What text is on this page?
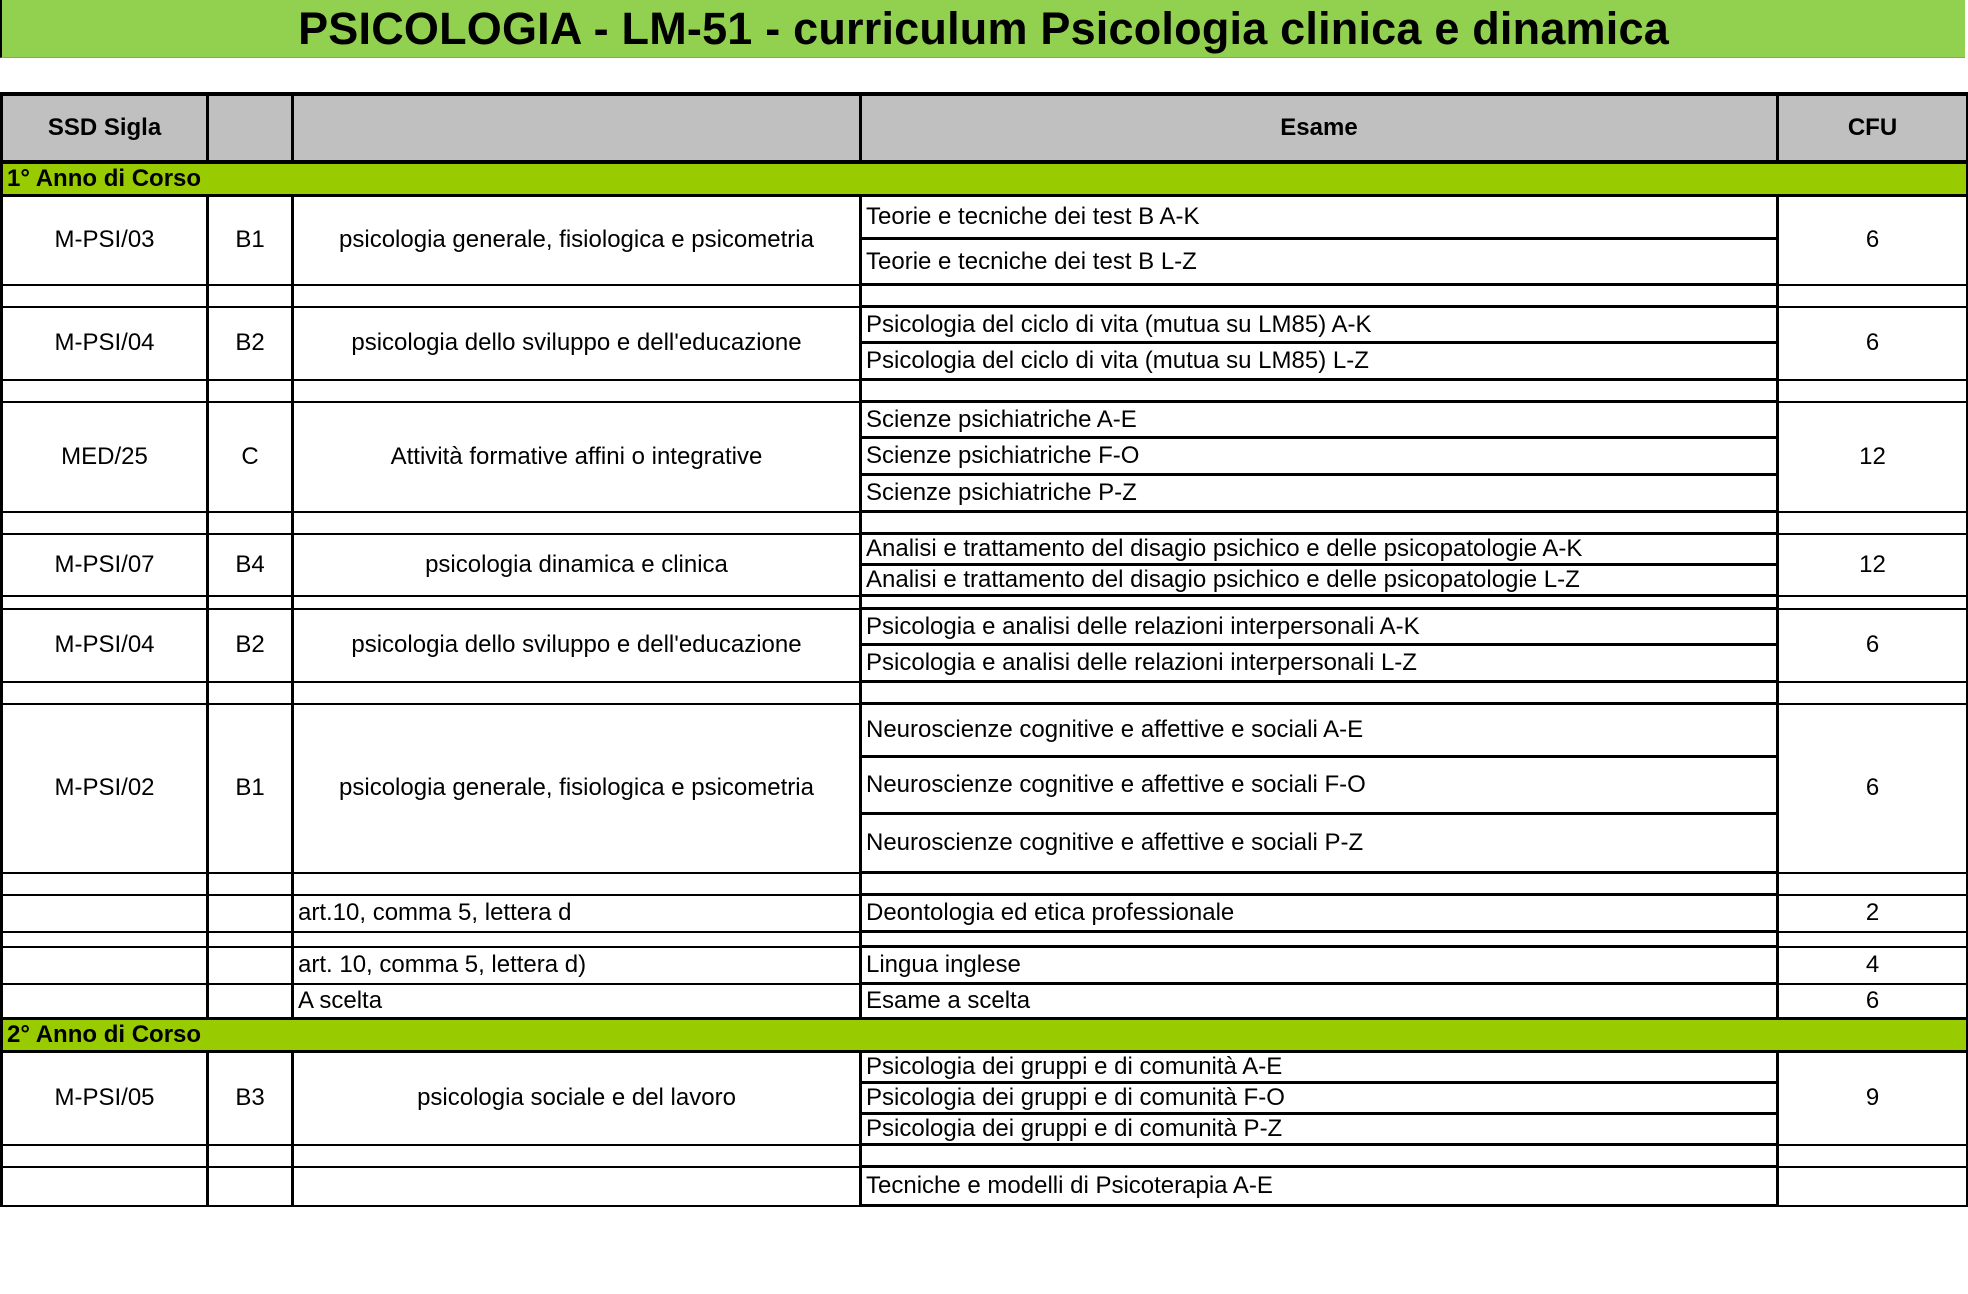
PSICOLOGIA - LM-51 - curriculum Psicologia clinica e dinamica
SSD Sigla			Esame	CFU
1° Anno di Corso				
M-PSI/03	B1	psicologia generale, fisiologica e psicometria	Teorie e tecniche dei test B A-K	6
			Teorie e tecniche dei test B L-Z	

M-PSI/04	B2	psicologia dello sviluppo e dell'educazione	Psicologia del ciclo di vita (mutua su LM85) A-K	6
			Psicologia del ciclo di vita (mutua su LM85) L-Z	

MED/25	C	Attività formative affini o integrative	Scienze psichiatriche A-E	12
			Scienze psichiatriche F-O	
			Scienze psichiatriche P-Z	

M-PSI/07	B4	psicologia dinamica e clinica	Analisi e trattamento del disagio psichico e delle psicopatologie A-K	12
			Analisi e trattamento del disagio psichico e delle psicopatologie L-Z	

M-PSI/04	B2	psicologia dello sviluppo e dell'educazione	Psicologia e analisi delle relazioni interpersonali A-K	6
			Psicologia e analisi delle relazioni interpersonali L-Z	

M-PSI/02	B1	psicologia generale, fisiologica e psicometria	Neuroscienze cognitive e affettive e sociali A-E	6
			Neuroscienze cognitive e affettive e sociali F-O	
			Neuroscienze cognitive e affettive e sociali P-Z	

		art.10, comma 5, lettera d	Deontologia ed etica professionale	2

		art. 10, comma 5, lettera d)	Lingua inglese	4
		A scelta	Esame a scelta	6
2° Anno di Corso				
M-PSI/05	B3	psicologia sociale e del lavoro	Psicologia dei gruppi e di comunità A-E	9
			Psicologia dei gruppi e di comunità F-O	
			Psicologia dei gruppi e di comunità P-Z	

			Tecniche e modelli di Psicoterapia A-E	
